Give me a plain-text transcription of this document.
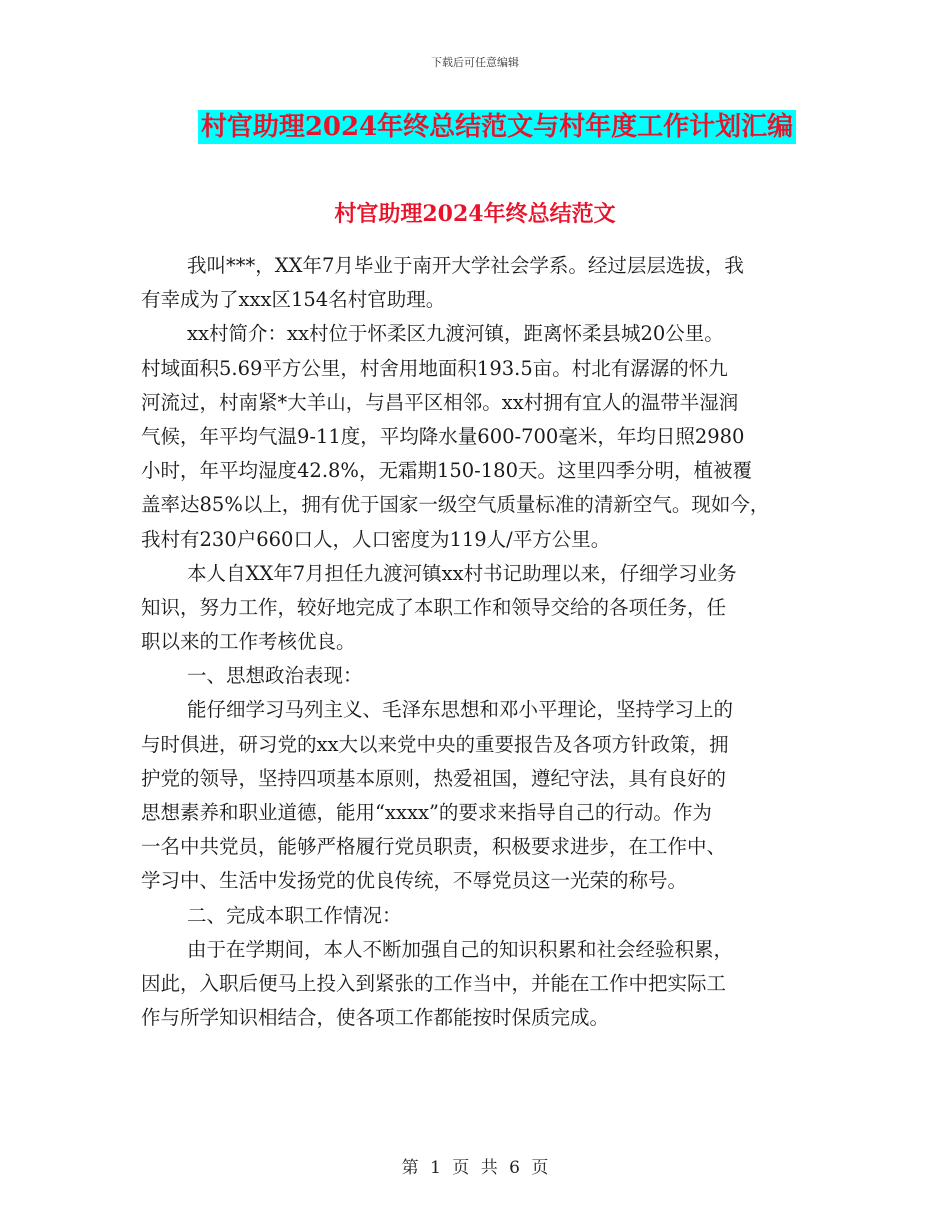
下载后可任意编辑
村官助理2024年终总结范文与村年度工作计划汇编
村官助理2024年终总结范文
我叫***，XX年7月毕业于南开大学社会学系。经过层层选拔，我
有幸成为了xxx区154名村官助理。
xx村简介：xx村位于怀柔区九渡河镇，距离怀柔县城20公里。
村域面积5.69平方公里，村舍用地面积193.5亩。村北有潺潺的怀九
河流过，村南紧*大羊山，与昌平区相邻。xx村拥有宜人的温带半湿润
气候，年平均气温9-11度，平均降水量600-700毫米，年均日照2980
小时，年平均湿度42.8%，无霜期150-180天。这里四季分明，植被覆
盖率达85%以上，拥有优于国家一级空气质量标准的清新空气。现如今，
我村有230户660口人，人口密度为119人/平方公里。
本人自XX年7月担任九渡河镇xx村书记助理以来，仔细学习业务
知识，努力工作，较好地完成了本职工作和领导交给的各项任务，任
职以来的工作考核优良。
一、思想政治表现：
能仔细学习马列主义、毛泽东思想和邓小平理论，坚持学习上的
与时俱进，研习党的xx大以来党中央的重要报告及各项方针政策，拥
护党的领导，坚持四项基本原则，热爱祖国，遵纪守法，具有良好的
思想素养和职业道德，能用“xxxx”的要求来指导自己的行动。作为
一名中共党员，能够严格履行党员职责，积极要求进步，在工作中、
学习中、生活中发扬党的优良传统，不辱党员这一光荣的称号。
二、完成本职工作情况：
由于在学期间，本人不断加强自己的知识积累和社会经验积累，
因此，入职后便马上投入到紧张的工作当中，并能在工作中把实际工
作与所学知识相结合，使各项工作都能按时保质完成。
第 1 页 共 6 页
